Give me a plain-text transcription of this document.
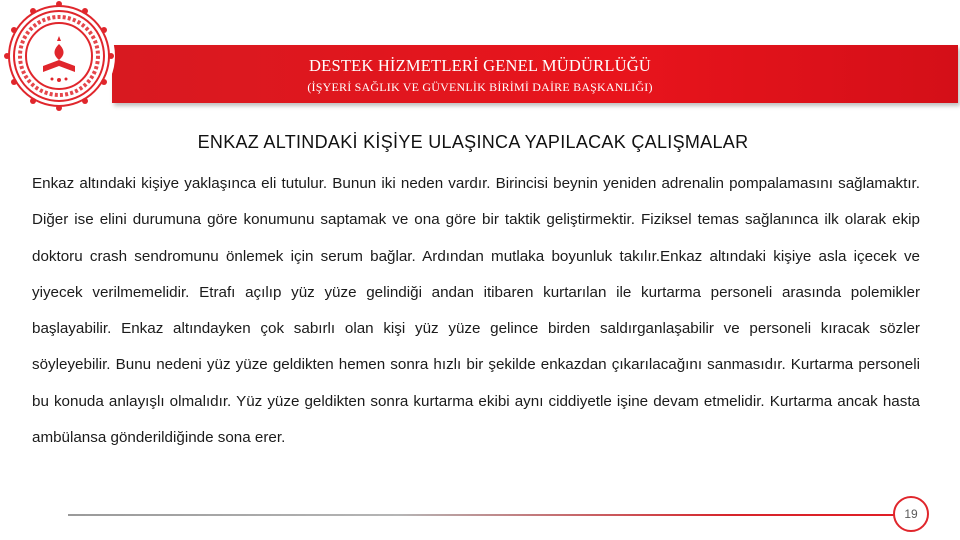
DESTEK HİZMETLERİ GENEL MÜDÜRLÜĞÜ
(İŞYERİ SAĞLIK VE GÜVENLİK BİRİMİ DAİRE BAŞKANLIĞI)
ENKAZ ALTINDAKİ KİŞİYE ULAŞINCA YAPILACAK ÇALIŞMALAR

Enkaz altındaki kişiye yaklaşınca eli tutulur. Bunun iki neden vardır. Birincisi beynin yeniden adrenalin pompalamasını sağlamaktır. Diğer ise elini durumuna göre konumunu saptamak ve ona göre bir taktik geliştirmektir. Fiziksel temas sağlanınca ilk olarak ekip doktoru crash sendromunu önlemek için serum bağlar. Ardından mutlaka boyunluk takılır.Enkaz altındaki kişiye asla içecek ve yiyecek verilmemelidir. Etrafı açılıp yüz yüze gelindiği andan itibaren kurtarılan ile kurtarma personeli arasında polemikler başlayabilir. Enkaz altındayken çok sabırlı olan kişi yüz yüze gelince birden saldırganlaşabilir ve personeli kıracak sözler söyleyebilir. Bunu nedeni yüz yüze geldikten hemen sonra hızlı bir şekilde enkazdan çıkarılacağını sanmasıdır. Kurtarma personeli bu konuda anlayışlı olmalıdır. Yüz yüze geldikten sonra kurtarma ekibi aynı ciddiyetle işine devam etmelidir. Kurtarma ancak hasta ambülansa gönderildiğinde sona erer.

19
